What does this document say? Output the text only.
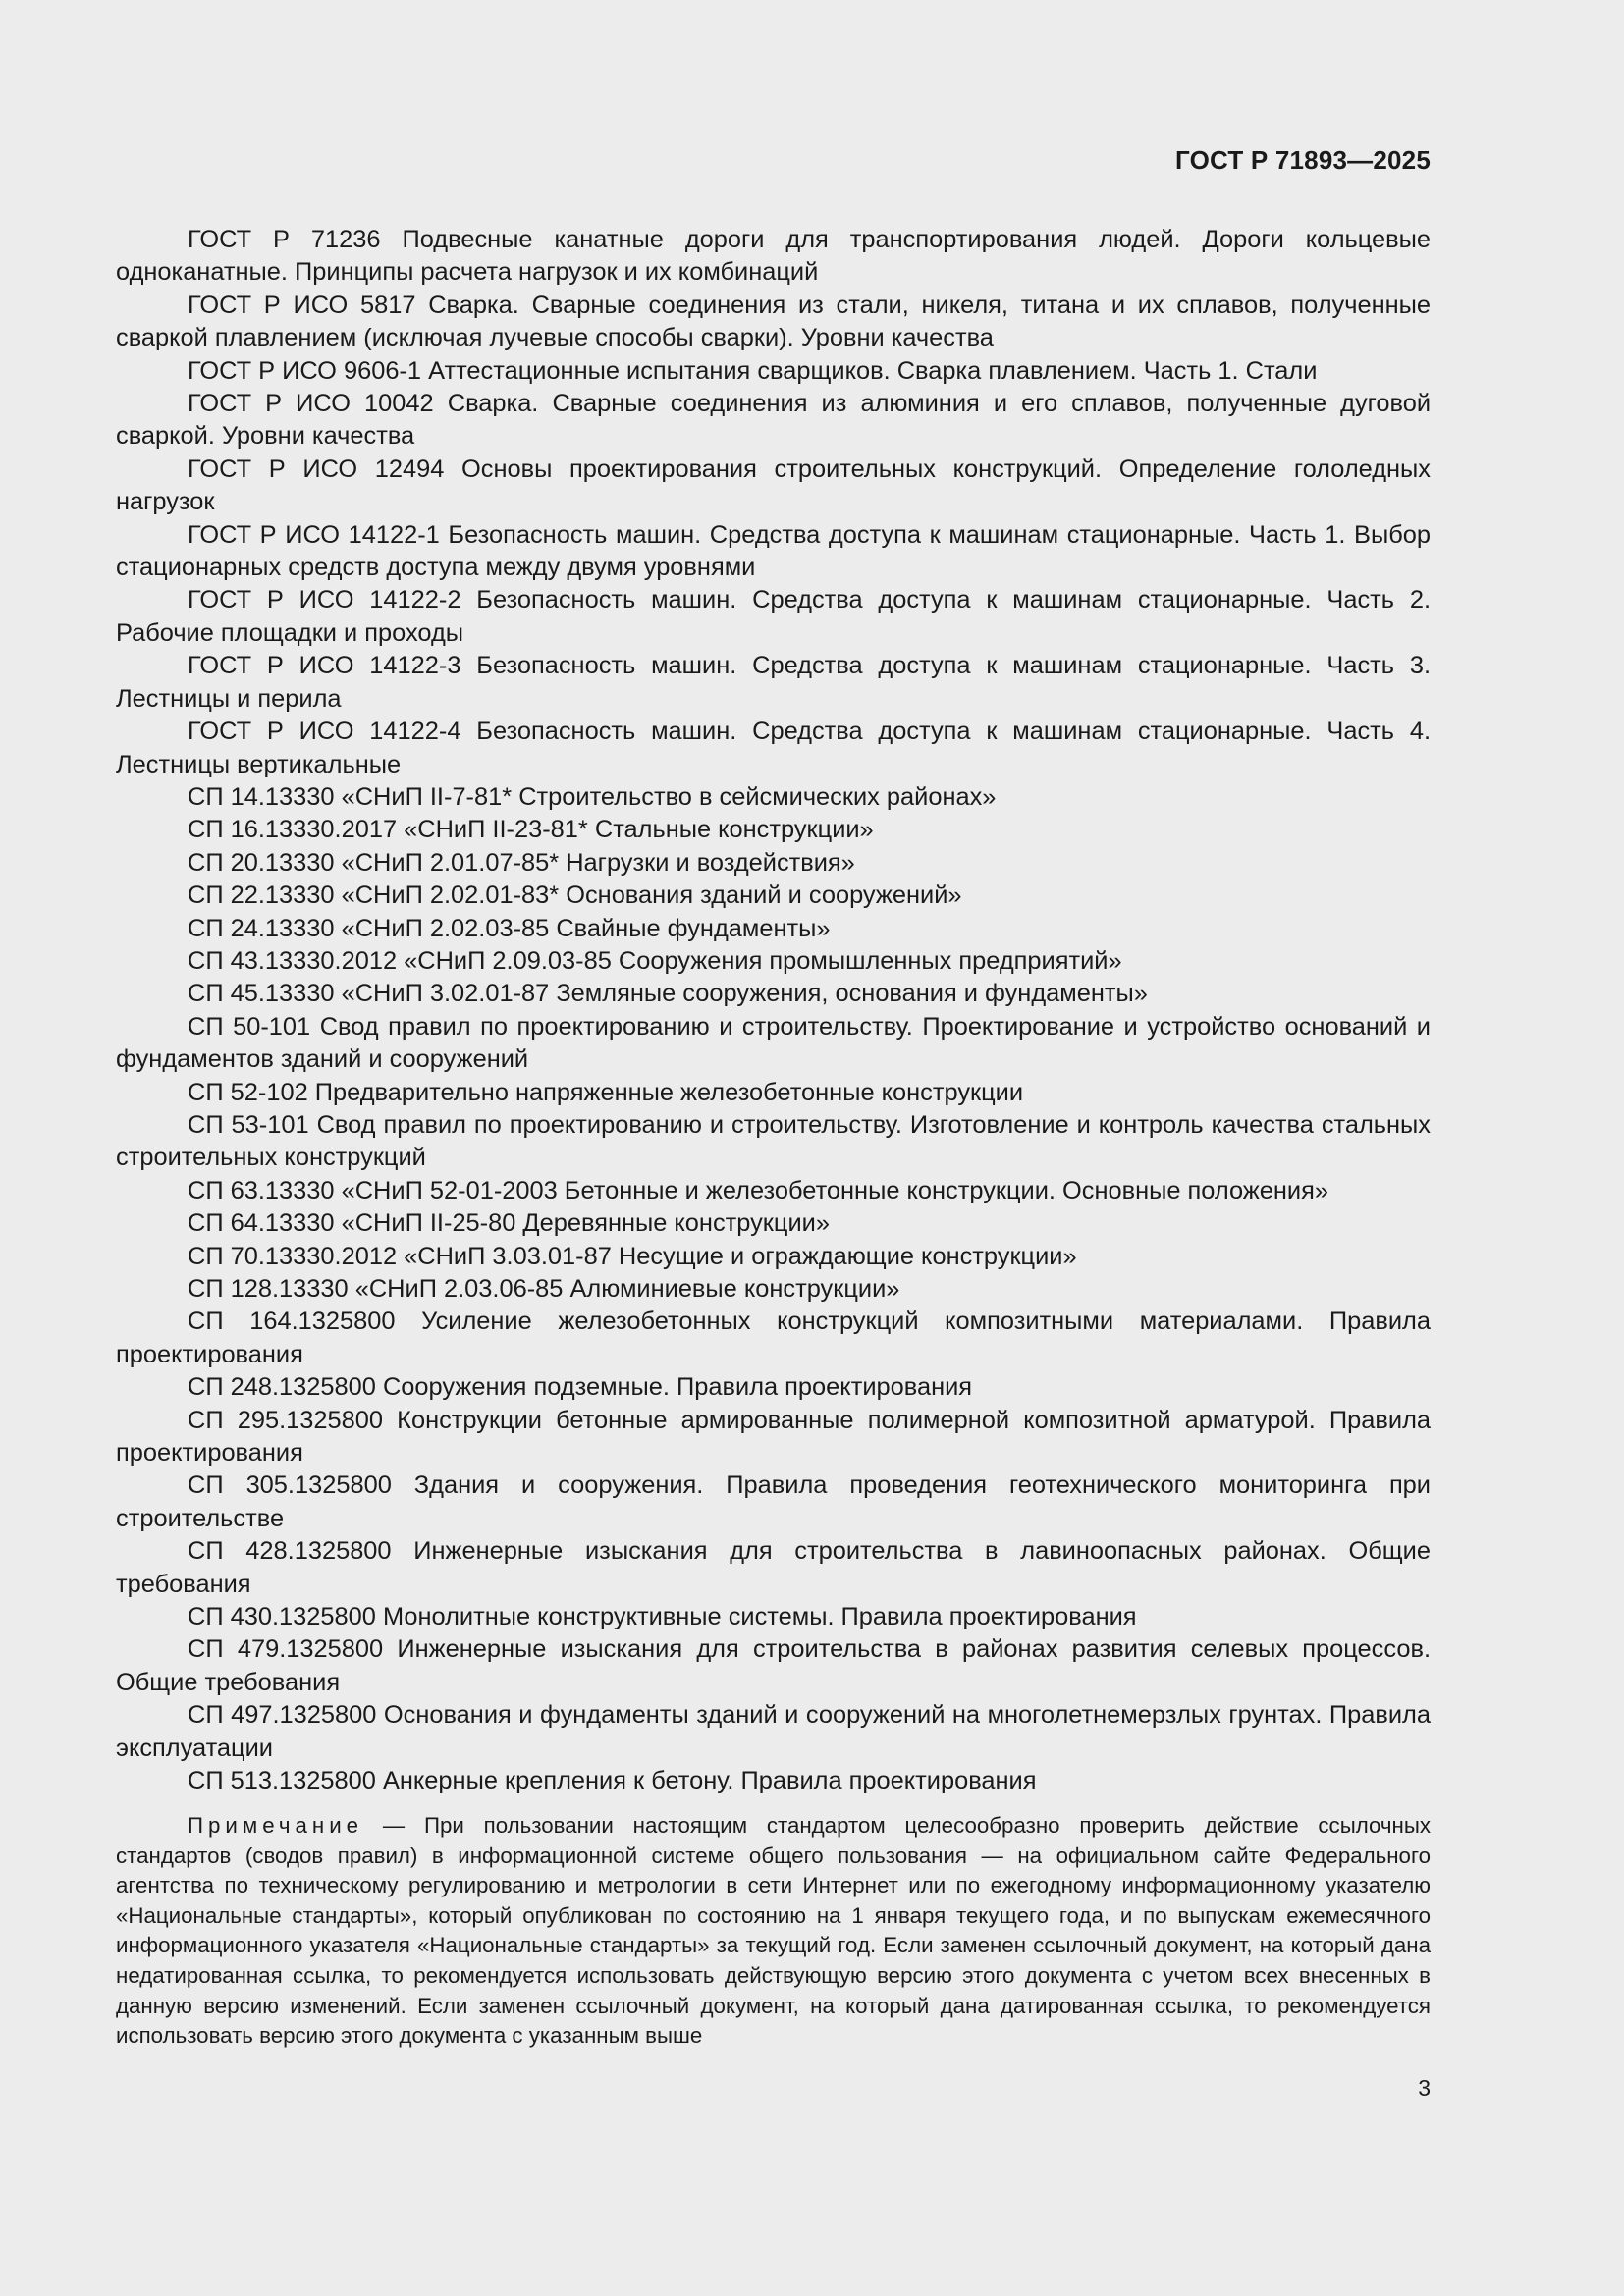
ГОСТ Р 71893—2025

ГОСТ Р 71236 Подвесные канатные дороги для транспортирования людей. Дороги кольцевые одноканатные. Принципы расчета нагрузок и их комбинаций

ГОСТ Р ИСО 5817 Сварка. Сварные соединения из стали, никеля, титана и их сплавов, полученные сваркой плавлением (исключая лучевые способы сварки). Уровни качества

ГОСТ Р ИСО 9606-1 Аттестационные испытания сварщиков. Сварка плавлением. Часть 1. Стали

ГОСТ Р ИСО 10042 Сварка. Сварные соединения из алюминия и его сплавов, полученные дуговой сваркой. Уровни качества

ГОСТ Р ИСО 12494 Основы проектирования строительных конструкций. Определение гололедных нагрузок

ГОСТ Р ИСО 14122-1 Безопасность машин. Средства доступа к машинам стационарные. Часть 1. Выбор стационарных средств доступа между двумя уровнями

ГОСТ Р ИСО 14122-2 Безопасность машин. Средства доступа к машинам стационарные. Часть 2. Рабочие площадки и проходы

ГОСТ Р ИСО 14122-3 Безопасность машин. Средства доступа к машинам стационарные. Часть 3. Лестницы и перила

ГОСТ Р ИСО 14122-4 Безопасность машин. Средства доступа к машинам стационарные. Часть 4. Лестницы вертикальные

СП 14.13330 «СНиП II-7-81* Строительство в сейсмических районах»

СП 16.13330.2017 «СНиП II-23-81* Стальные конструкции»

СП 20.13330 «СНиП 2.01.07-85* Нагрузки и воздействия»

СП 22.13330 «СНиП 2.02.01-83* Основания зданий и сооружений»

СП 24.13330 «СНиП 2.02.03-85 Свайные фундаменты»

СП 43.13330.2012 «СНиП 2.09.03-85 Сооружения промышленных предприятий»

СП 45.13330 «СНиП 3.02.01-87 Земляные сооружения, основания и фундаменты»

СП 50-101 Свод правил по проектированию и строительству. Проектирование и устройство оснований и фундаментов зданий и сооружений

СП 52-102 Предварительно напряженные железобетонные конструкции

СП 53-101 Свод правил по проектированию и строительству. Изготовление и контроль качества стальных строительных конструкций

СП 63.13330 «СНиП 52-01-2003 Бетонные и железобетонные конструкции. Основные положения»

СП 64.13330 «СНиП II-25-80 Деревянные конструкции»

СП 70.13330.2012 «СНиП 3.03.01-87 Несущие и ограждающие конструкции»

СП 128.13330 «СНиП 2.03.06-85 Алюминиевые конструкции»

СП 164.1325800 Усиление железобетонных конструкций композитными материалами. Правила проектирования

СП 248.1325800 Сооружения подземные. Правила проектирования

СП 295.1325800 Конструкции бетонные армированные полимерной композитной арматурой. Правила проектирования

СП 305.1325800 Здания и сооружения. Правила проведения геотехнического мониторинга при строительстве

СП 428.1325800 Инженерные изыскания для строительства в лавиноопасных районах. Общие требования

СП 430.1325800 Монолитные конструктивные системы. Правила проектирования

СП 479.1325800 Инженерные изыскания для строительства в районах развития селевых процессов. Общие требования

СП 497.1325800 Основания и фундаменты зданий и сооружений на многолетнемерзлых грунтах. Правила эксплуатации

СП 513.1325800 Анкерные крепления к бетону. Правила проектирования

Примечание — При пользовании настоящим стандартом целесообразно проверить действие ссылочных стандартов (сводов правил) в информационной системе общего пользования — на официальном сайте Федерального агентства по техническому регулированию и метрологии в сети Интернет или по ежегодному информационному указателю «Национальные стандарты», который опубликован по состоянию на 1 января текущего года, и по выпускам ежемесячного информационного указателя «Национальные стандарты» за текущий год. Если заменен ссылочный документ, на который дана недатированная ссылка, то рекомендуется использовать действующую версию этого документа с учетом всех внесенных в данную версию изменений. Если заменен ссылочный документ, на который дана датированная ссылка, то рекомендуется использовать версию этого документа с указанным выше

3
